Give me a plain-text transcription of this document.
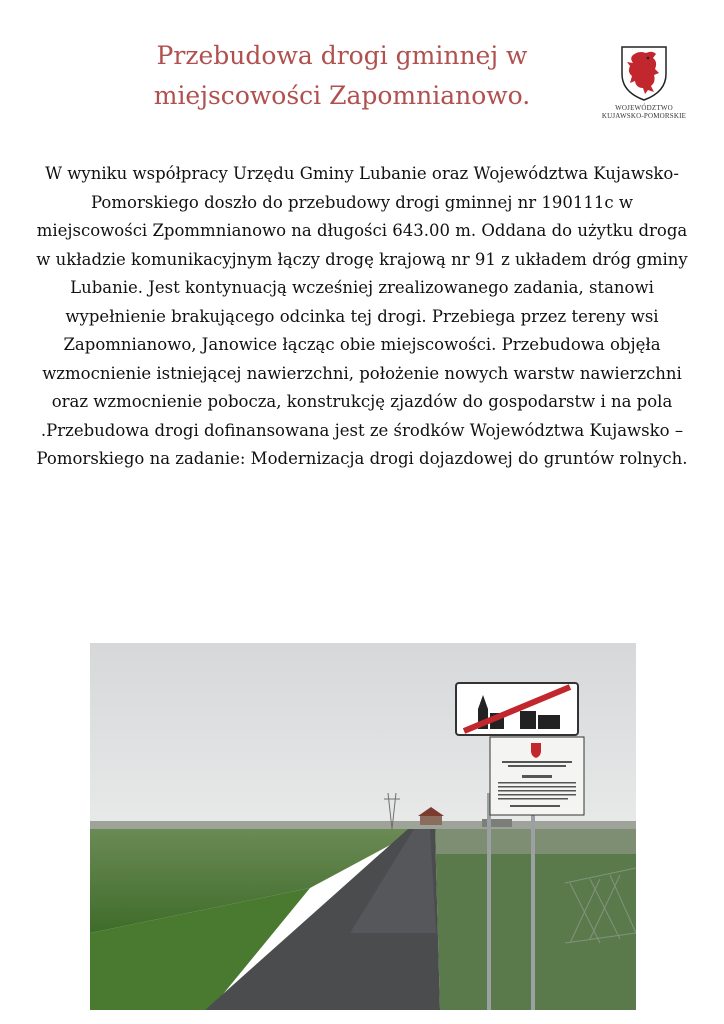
Przebudowa drogi gminnej w miejscowości Zapomnianowo.	WOJEWÓDZTWO
KUJAWSKO-POMORSKIE

W wyniku współpracy Urzędu Gminy Lubanie oraz Województwa Kujawsko- Pomorskiego doszło do przebudowy drogi gminnej nr 190111c w miejscowości Zpommnianowo na długości 643.00 m. Oddana do użytku droga w układzie komunikacyjnym łączy drogę krajową nr 91 z układem dróg gminy Lubanie. Jest kontynuacją wcześniej zrealizowanego zadania, stanowi wypełnienie brakującego odcinka tej drogi. Przebiega przez tereny wsi Zapomnianowo, Janowice łącząc obie miejscowości. Przebudowa objęła wzmocnienie istniejącej nawierzchni, położenie nowych warstw nawierzchni oraz wzmocnienie pobocza, konstrukcję zjazdów do gospodarstw i na pola .Przebudowa drogi dofinansowana jest ze środków Województwa Kujawsko – Pomorskiego na zadanie: Modernizacja drogi dojazdowej do gruntów rolnych.
